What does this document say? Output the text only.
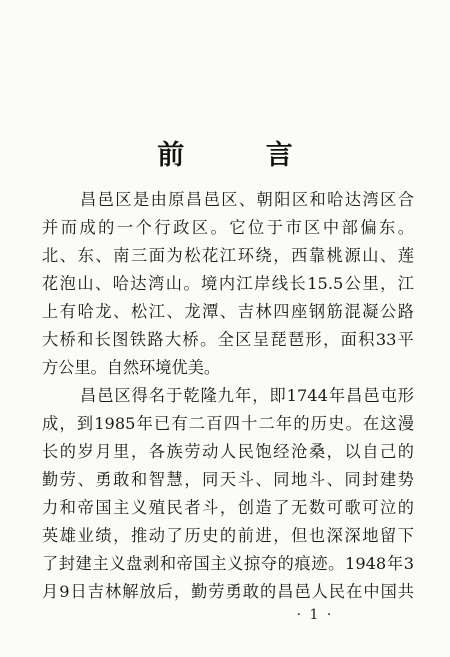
前 言
昌邑区是由原昌邑区、朝阳区和哈达湾区合
并而成的一个行政区。它位于市区中部偏东。
北、东、南三面为松花江环绕，西靠桃源山、莲
花泡山、哈达湾山。境内江岸线长15.5公里，江
上有哈龙、松江、龙潭、吉林四座钢筋混凝公路
大桥和长图铁路大桥。全区呈琵琶形，面积33平
方公里。自然环境优美。
昌邑区得名于乾隆九年，即1744年昌邑屯形
成，到1985年已有二百四十二年的历史。在这漫
长的岁月里，各族劳动人民饱经沧桑，以自己的
勤劳、勇敢和智慧，同天斗、同地斗、同封建势
力和帝国主义殖民者斗，创造了无数可歌可泣的
英雄业绩，推动了历史的前进，但也深深地留下
了封建主义盘剥和帝国主义掠夺的痕迹。1948年3
月9日吉林解放后，勤劳勇敢的昌邑人民在中国共
· 1 ·
